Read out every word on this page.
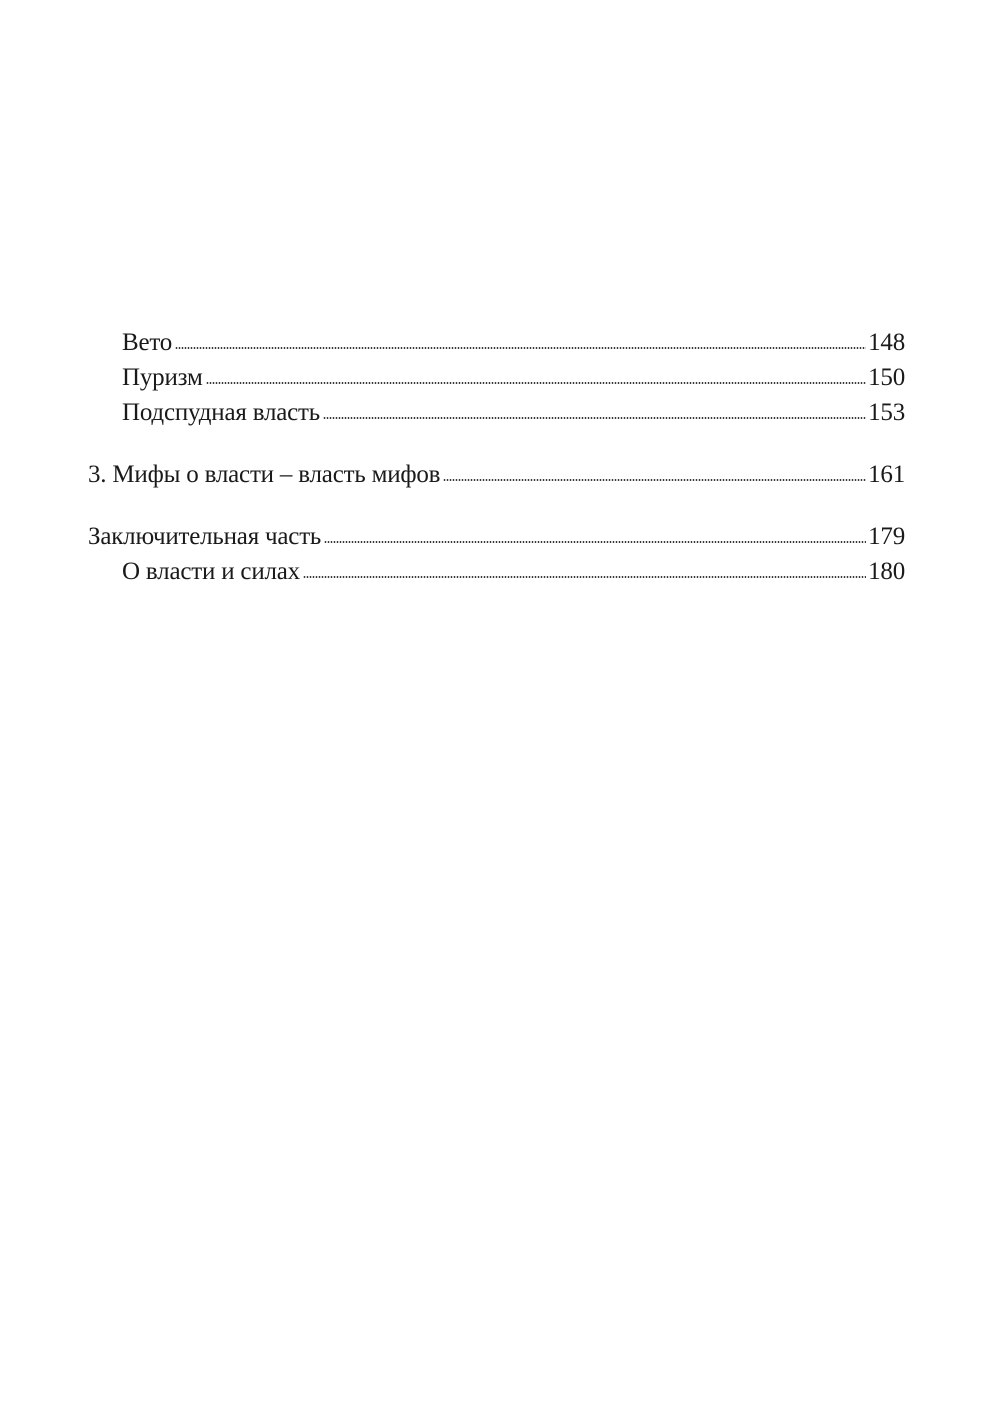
Вето	148
Пуризм	150
Подспудная власть	153
3. Мифы о власти – власть мифов	161
Заключительная часть	179
О власти и силах	180
